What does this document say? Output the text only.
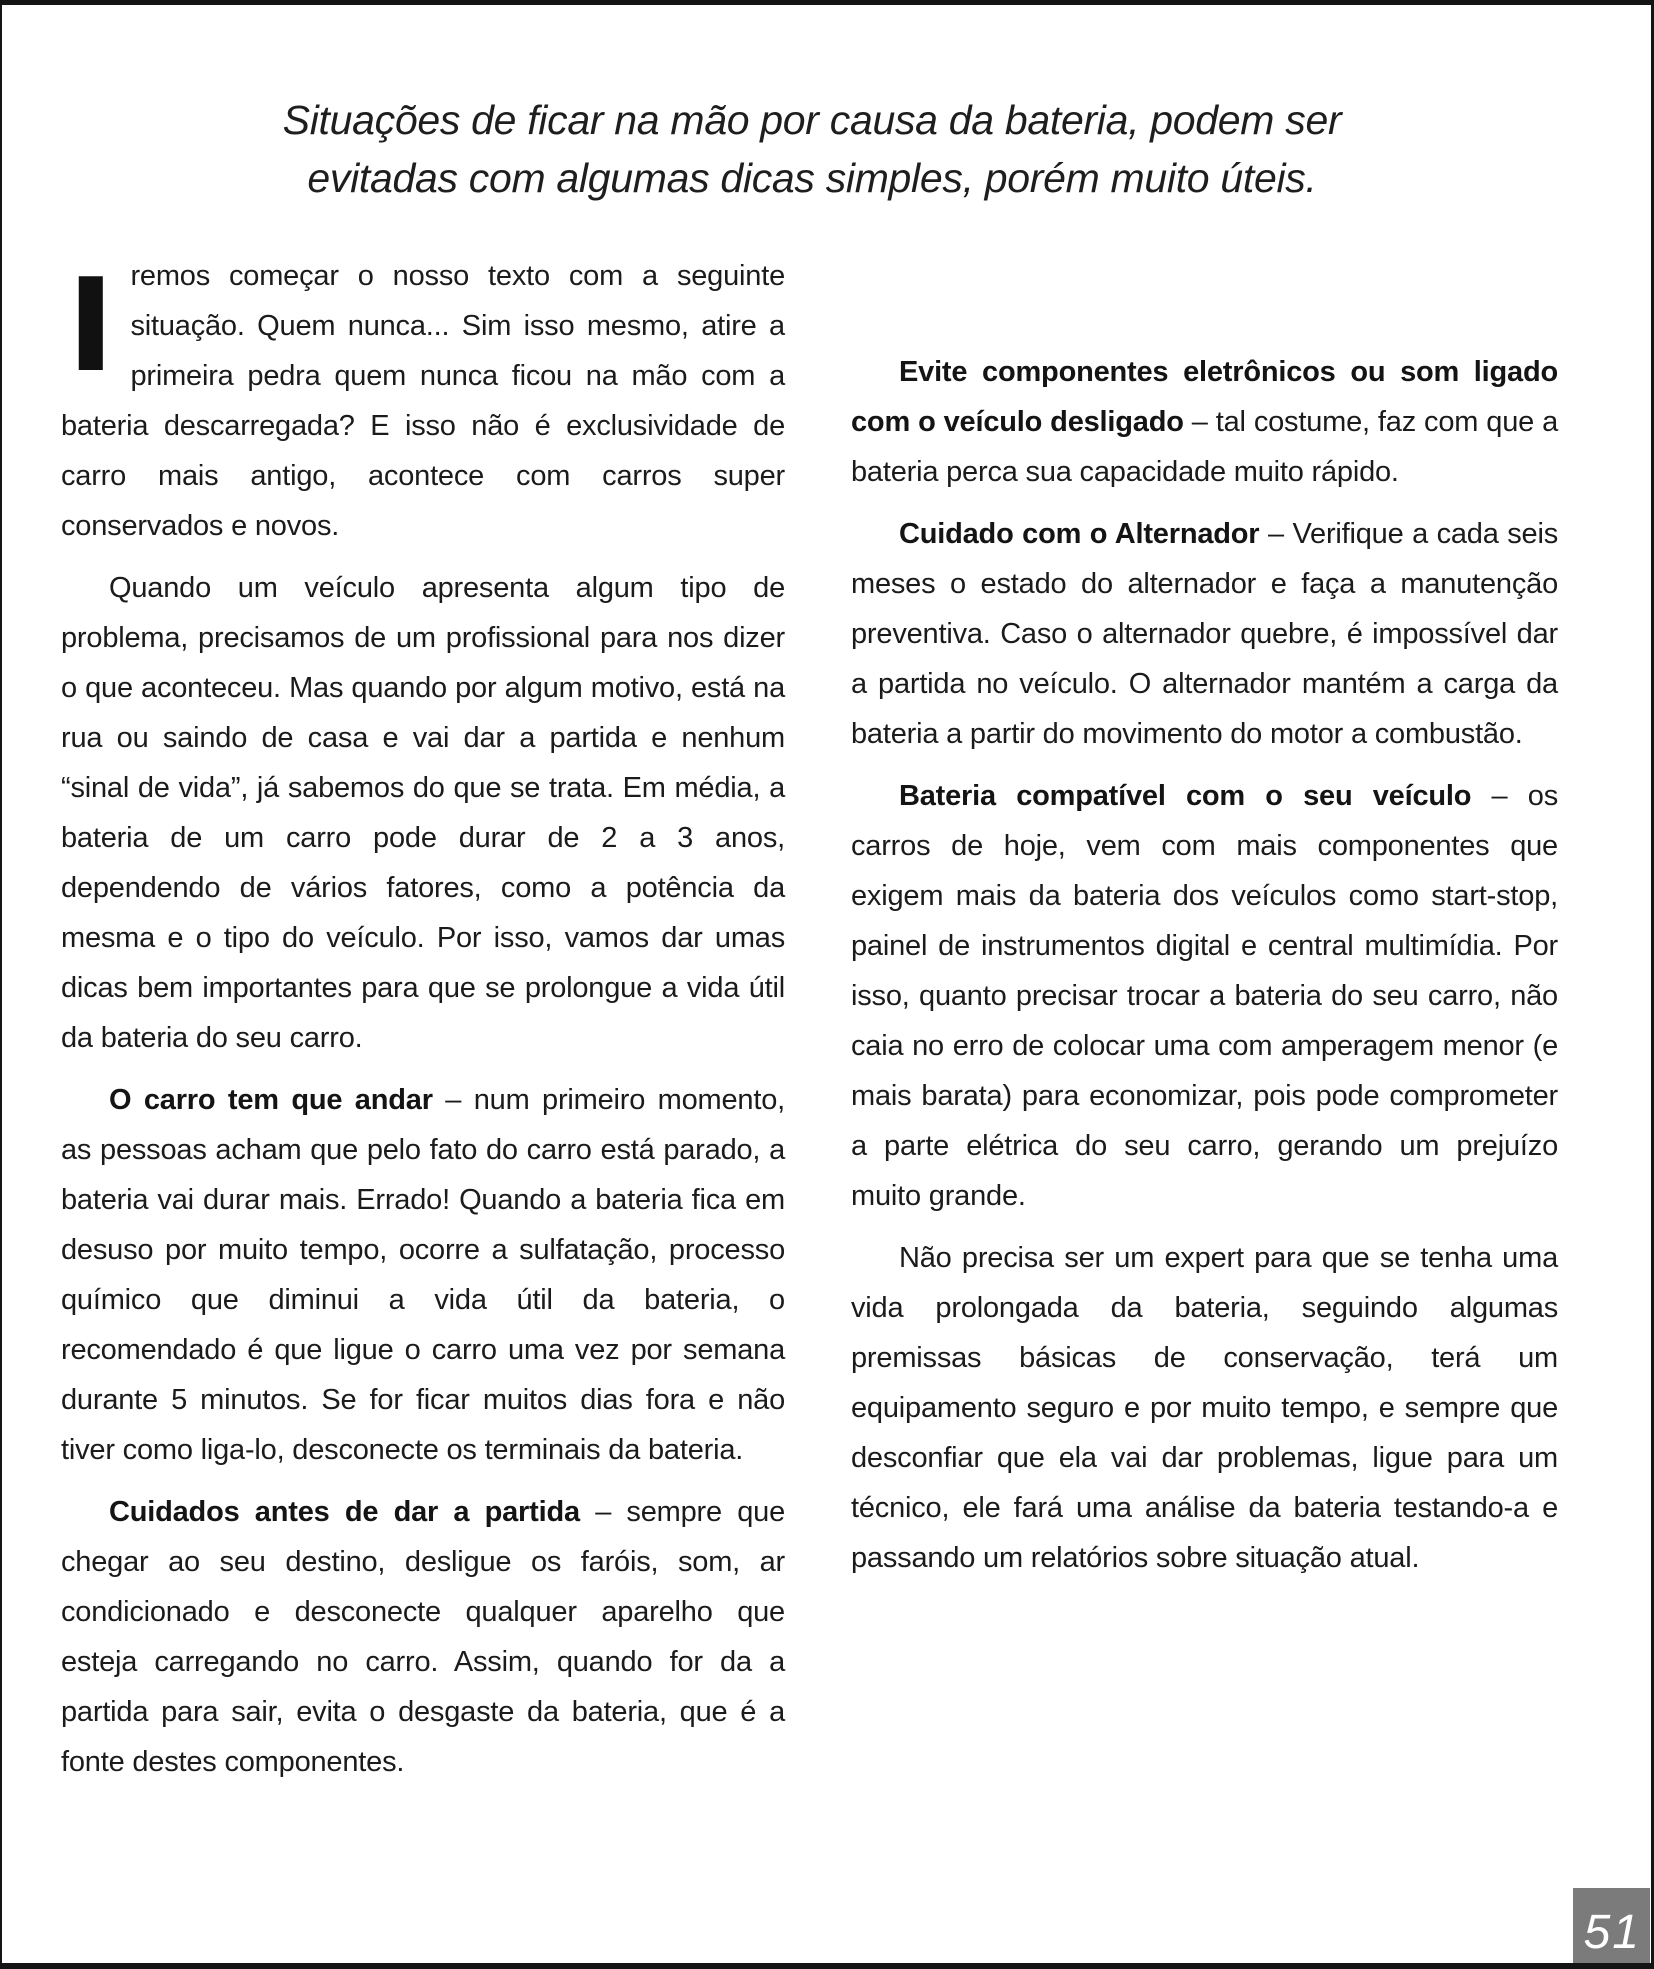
Situações de ficar na mão por causa da bateria, podem ser
evitadas com algumas dicas simples, porém muito úteis.

Iremos começar o nosso texto com a seguinte situação. Quem nunca... Sim isso mesmo, atire a primeira pedra quem nunca ficou na mão com a bateria descarregada? E isso não é exclusividade de carro mais antigo, acontece com carros super conservados e novos.

Quando um veículo apresenta algum tipo de problema, precisamos de um profissional para nos dizer o que aconteceu. Mas quando por algum motivo, está na rua ou saindo de casa e vai dar a partida e nenhum “sinal de vida”, já sabemos do que se trata. Em média, a bateria de um carro pode durar de 2 a 3 anos, dependendo de vários fatores, como a potência da mesma e o tipo do veículo. Por isso, vamos dar umas dicas bem importantes para que se prolongue a vida útil da bateria do seu carro.

O carro tem que andar – num primeiro momento, as pessoas acham que pelo fato do carro está parado, a bateria vai durar mais. Errado! Quando a bateria fica em desuso por muito tempo, ocorre a sulfatação, processo químico que diminui a vida útil da bateria, o recomendado é que ligue o carro uma vez por semana durante 5 minutos. Se for ficar muitos dias fora e não tiver como liga-lo, desconecte os terminais da bateria.

Cuidados antes de dar a partida – sempre que chegar ao seu destino, desligue os faróis, som, ar condicionado e desconecte qualquer aparelho que esteja carregando no carro. Assim, quando for da a partida para sair, evita o desgaste da bateria, que é a fonte destes componentes.

Evite componentes eletrônicos ou som ligado com o veículo desligado – tal costume, faz com que a bateria perca sua capacidade muito rápido.

Cuidado com o Alternador – Verifique a cada seis meses o estado do alternador e faça a manutenção preventiva. Caso o alternador quebre, é impossível dar a partida no veículo. O alternador mantém a carga da bateria a partir do movimento do motor a combustão.

Bateria compatível com o seu veículo – os carros de hoje, vem com mais componentes que exigem mais da bateria dos veículos como start-stop, painel de instrumentos digital e central multimídia. Por isso, quanto precisar trocar a bateria do seu carro, não caia no erro de colocar uma com amperagem menor (e mais barata) para economizar, pois pode comprometer a parte elétrica do seu carro, gerando um prejuízo muito grande.

Não precisa ser um expert para que se tenha uma vida prolongada da bateria, seguindo algumas premissas básicas de conservação, terá um equipamento seguro e por muito tempo, e sempre que desconfiar que ela vai dar problemas, ligue para um técnico, ele fará uma análise da bateria testando-a e passando um relatórios sobre situação atual.

51
